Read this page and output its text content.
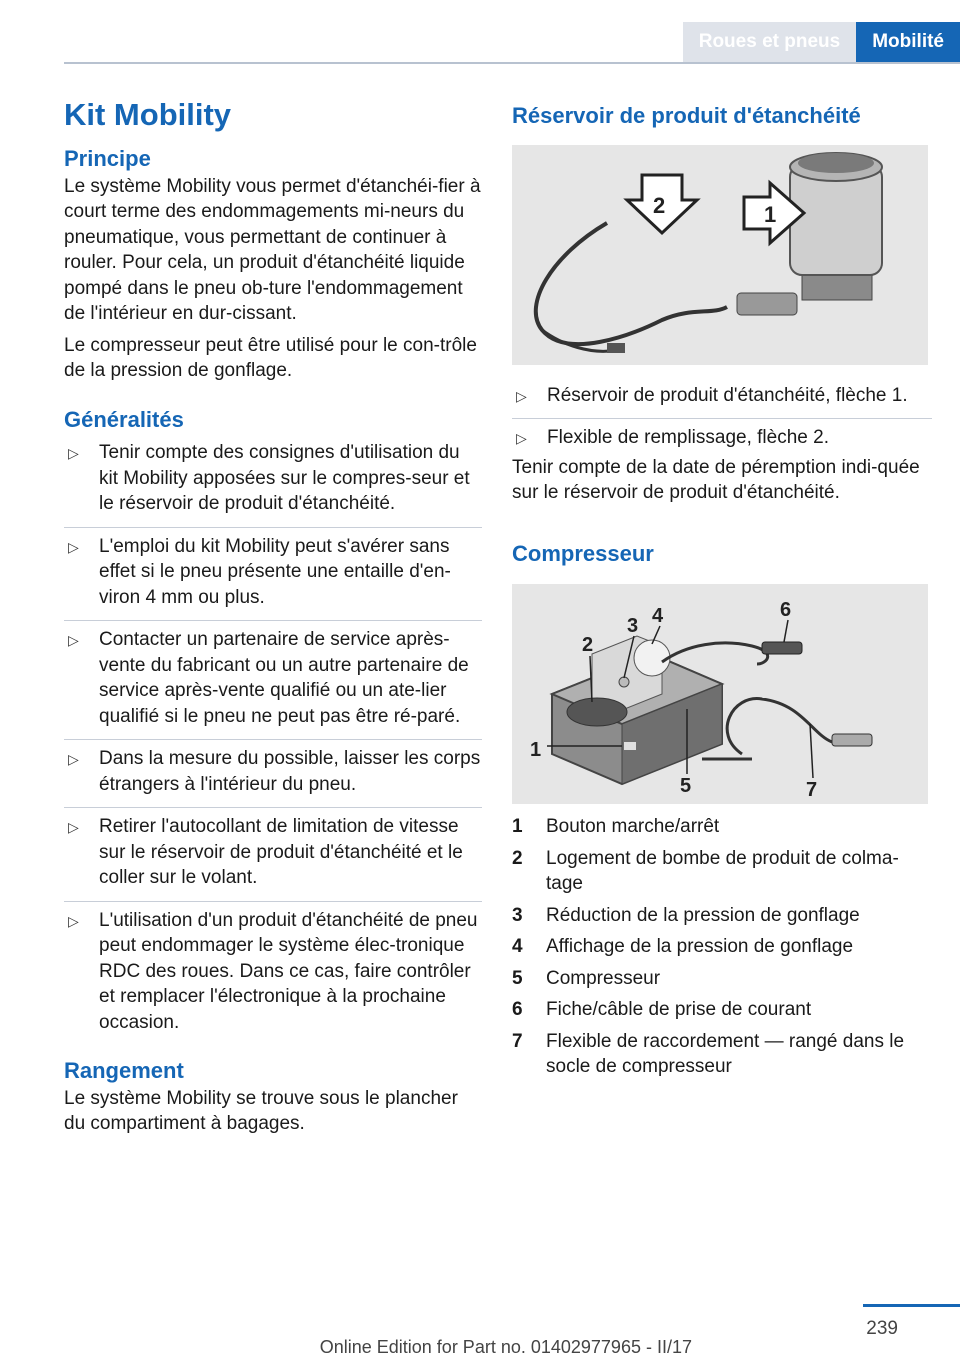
Roues et pneus	Mobilité
Kit Mobility
Principe

Le système Mobility vous permet d'étanchéi-fier à court terme des endommagements mi-neurs du pneumatique, vous permettant de continuer à rouler. Pour cela, un produit d'étanchéité liquide pompé dans le pneu ob-ture l'endommagement de l'intérieur en dur-cissant.

Le compresseur peut être utilisé pour le con-trôle de la pression de gonflage.

Généralités
▷ Tenir compte des consignes d'utilisation du kit Mobility apposées sur le compres-seur et le réservoir de produit d'étanchéité.
▷ L'emploi du kit Mobility peut s'avérer sans effet si le pneu présente une entaille d'en-viron 4 mm ou plus.
▷ Contacter un partenaire de service après-vente du fabricant ou un autre partenaire de service après-vente qualifié ou un ate-lier qualifié si le pneu ne peut pas être ré-paré.
▷ Dans la mesure du possible, laisser les corps étrangers à l'intérieur du pneu.
▷ Retirer l'autocollant de limitation de vitesse sur le réservoir de produit d'étanchéité et le coller sur le volant.
▷ L'utilisation d'un produit d'étanchéité de pneu peut endommager le système élec-tronique RDC des roues. Dans ce cas, faire contrôler et remplacer l'électronique à la prochaine occasion.
Rangement

Le système Mobility se trouve sous le plancher du compartiment à bagages.

Réservoir de produit d'étanchéité
2	1
▷ Réservoir de produit d'étanchéité, flèche 1.
▷ Flexible de remplissage, flèche 2.

Tenir compte de la date de péremption indi-quée sur le réservoir de produit d'étanchéité.

Compresseur
1
2
3 4
5
6
7
1	Bouton marche/arrêt
2	Logement de bombe de produit de colma-tage
3	Réduction de la pression de gonflage
4	Affichage de la pression de gonflage
5	Compresseur
6	Fiche/câble de prise de courant
7	Flexible de raccordement — rangé dans le socle de compresseur
239
Online Edition for Part no. 01402977965 - II/17
